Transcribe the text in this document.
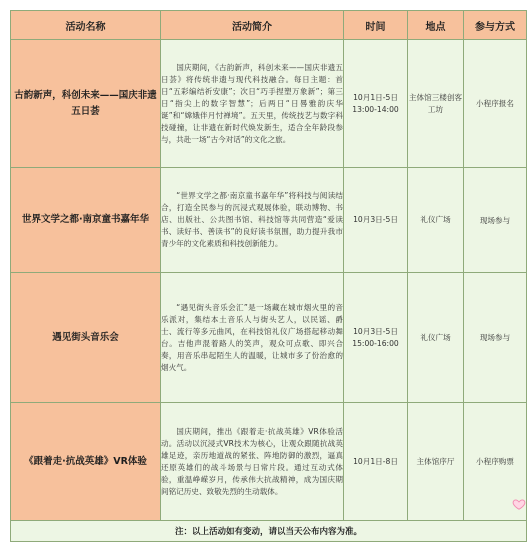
活动名称	活动简介	时间	地点	参与方式
古韵新声，科创未来——国庆非遗五日荟	国庆期间，《古韵新声，科创未来——国庆非遗五日荟》将传统非遗与现代科技融合。每日主题：首日“五彩编结祈安康”；次日“巧手捏塑万象新”；第三日“指尖上的数字智慧”；后两日“日晷雅韵庆华诞”和“嫦娥伴月忖禅境”。五天里，传统技艺与数字科技碰撞，让非遗在新时代焕发新生，适合全年龄段参与，共赴一场“古今对话”的文化之旅。	10月1日-5日 13:00-14:00	主体馆三楼创客工坊	小程序报名
世界文学之都·南京童书嘉年华	“世界文学之都·南京童书嘉年华”将科技与阅读结合，打造全民参与的沉浸式观展体验，联动博物、书店、出版社、公共图书馆、科技馆等共同营造“爱读书、读好书、善读书”的良好读书氛围，助力提升我市青少年的文化素质和科技创新能力。	10月3日-5日	礼仪广场	现场参与
遇见街头音乐会	“遇见街头音乐会汇”是一场藏在城市烟火里的音乐派对，集结本土音乐人与街头艺人，以民谣、爵士、流行等多元曲风，在科技馆礼仪广场搭起移动舞台。吉他声混着路人的笑声，观众可点歌、即兴合奏，用音乐串起陌生人的温暖，让城市多了份治愈的烟火气。	10月3日-5日 15:00-16:00	礼仪广场	现场参与
《跟着走·抗战英雄》VR体验	国庆期间，推出《跟着走·抗战英雄》VR体验活动。活动以沉浸式VR技术为核心，让观众跟随抗战英雄足迹，亲历地道战的紧张、阵地防御的激烈，逼真还原英雄们的战斗场景与日常片段。通过互动式体验，重温峥嵘岁月，传承伟大抗战精神，成为国庆期间铭记历史、致敬先烈的生动载体。	10月1日-8日	主体馆序厅	小程序购票
注：以上活动如有变动，请以当天公布内容为准。				
